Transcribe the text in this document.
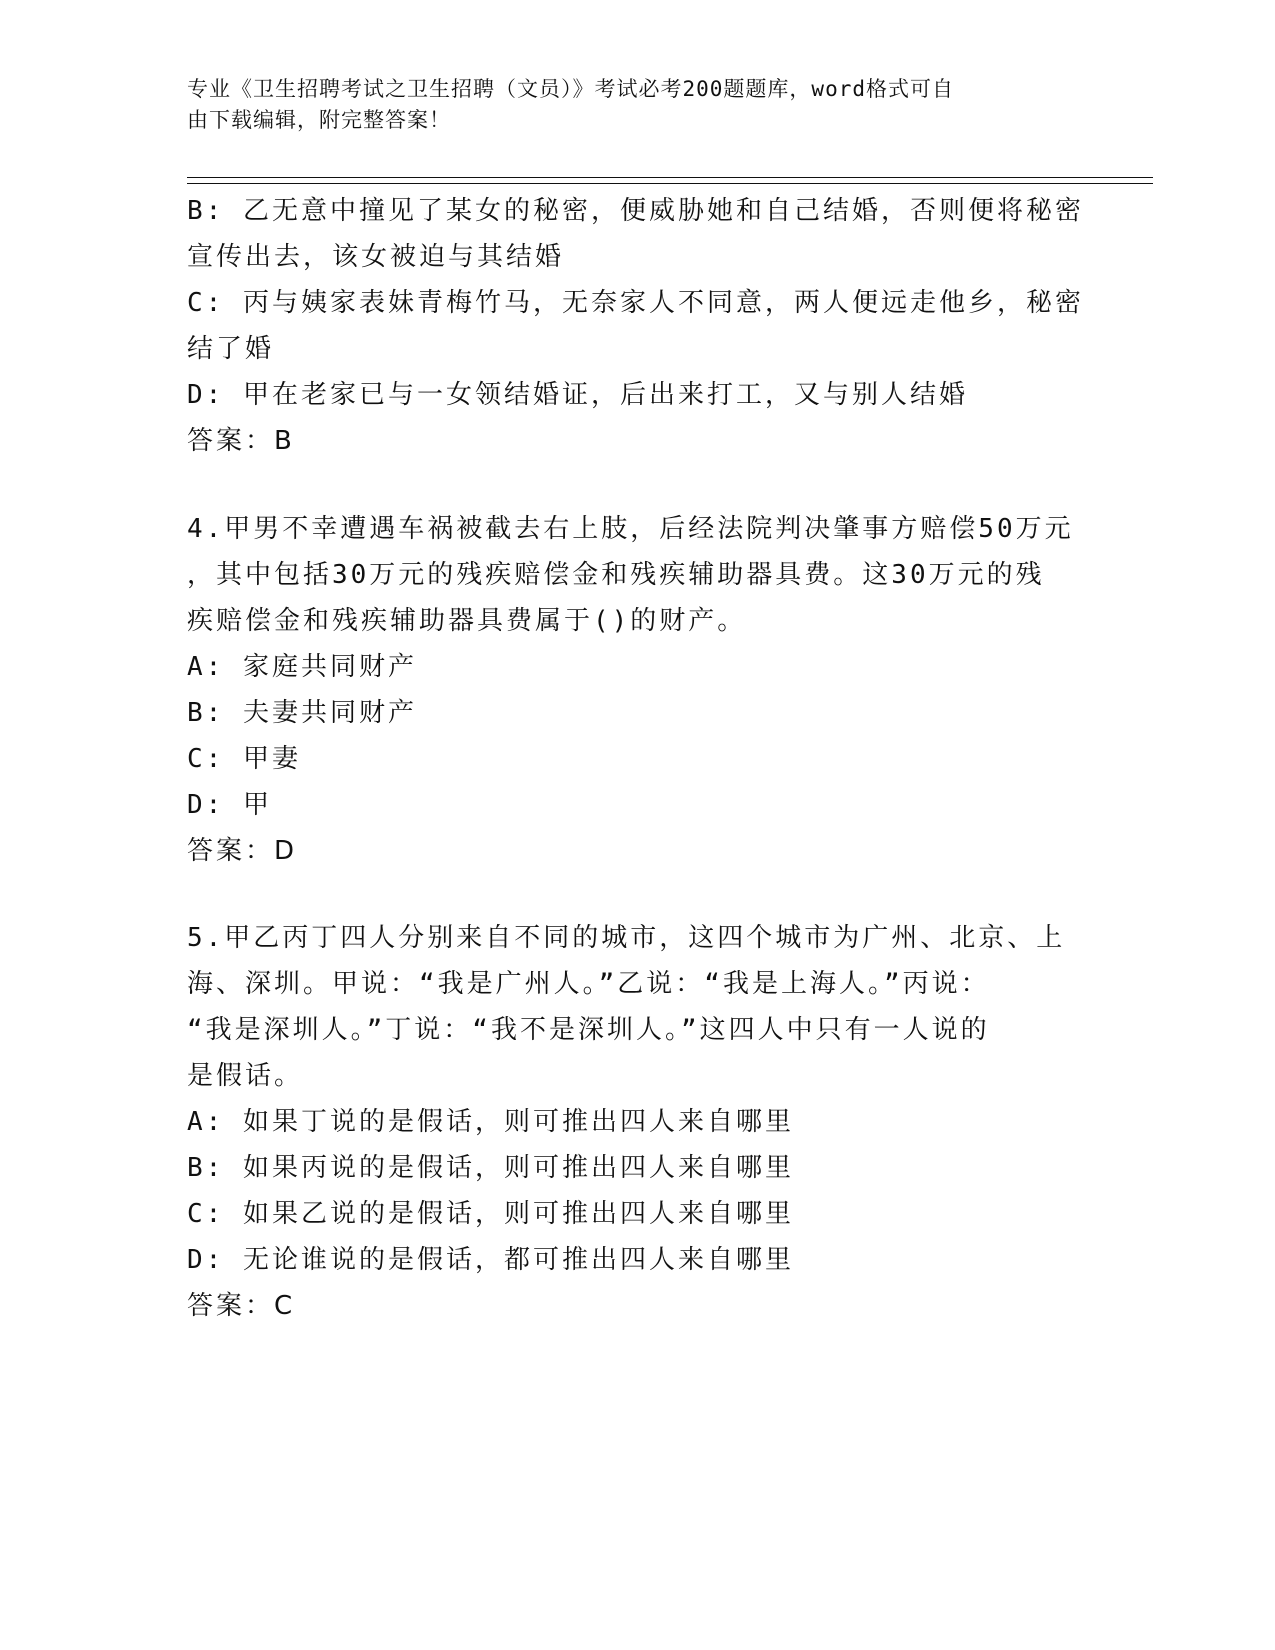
专业《卫生招聘考试之卫生招聘（文员）》考试必考200题题库，word格式可自
由下载编辑，附完整答案！
B: 乙无意中撞见了某女的秘密，便威胁她和自己结婚，否则便将秘密
宣传出去，该女被迫与其结婚
C: 丙与姨家表妹青梅竹马，无奈家人不同意，两人便远走他乡，秘密
结了婚
D: 甲在老家已与一女领结婚证，后出来打工，又与别人结婚
答案：B
4.甲男不幸遭遇车祸被截去右上肢，后经法院判决肇事方赔偿50万元
，其中包括30万元的残疾赔偿金和残疾辅助器具费。这30万元的残
疾赔偿金和残疾辅助器具费属于()的财产。
A: 家庭共同财产
B: 夫妻共同财产
C: 甲妻
D: 甲
答案：D
5.甲乙丙丁四人分别来自不同的城市，这四个城市为广州、北京、上
海、深圳。甲说：“我是广州人。”乙说：“我是上海人。”丙说：
“我是深圳人。”丁说：“我不是深圳人。”这四人中只有一人说的
是假话。
A: 如果丁说的是假话，则可推出四人来自哪里
B: 如果丙说的是假话，则可推出四人来自哪里
C: 如果乙说的是假话，则可推出四人来自哪里
D: 无论谁说的是假话，都可推出四人来自哪里
答案：C
